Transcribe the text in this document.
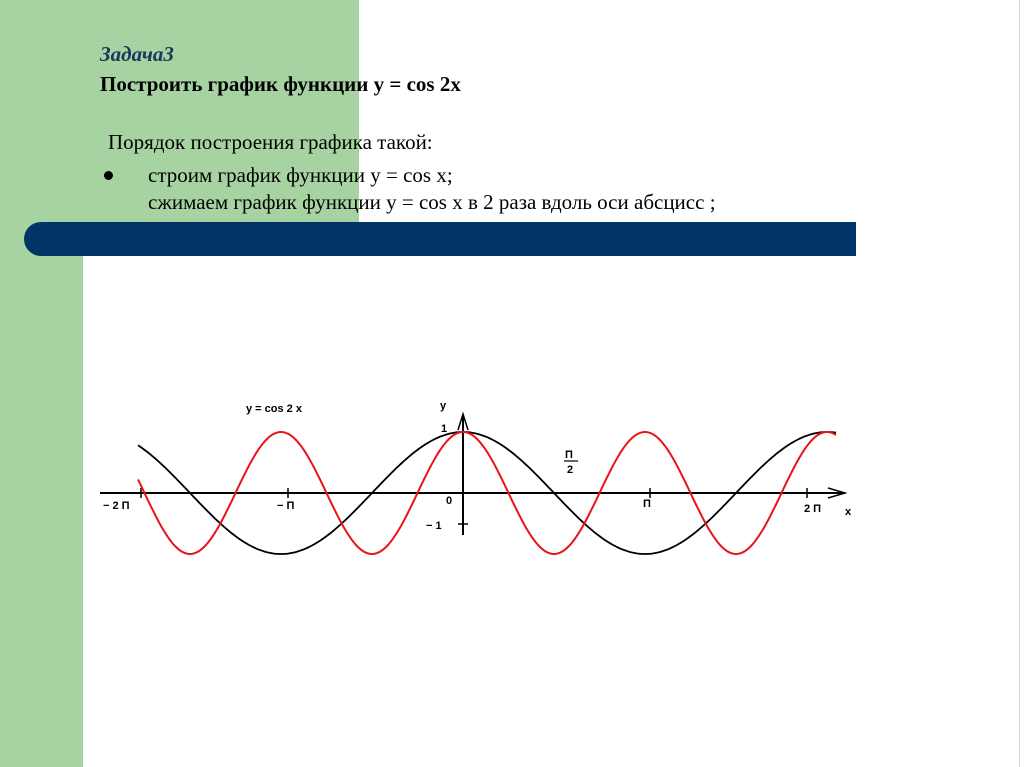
Задача3
Построить график функции у = cos 2x
Порядок построения графика такой:
строим график функции у = cos x;
сжимаем график функции у = cos x в 2 раза вдоль оси абсцисс ;
y = cos 2 x	y
x
− 2 П	− П	0	П	2 П
1
− 1
П
2
